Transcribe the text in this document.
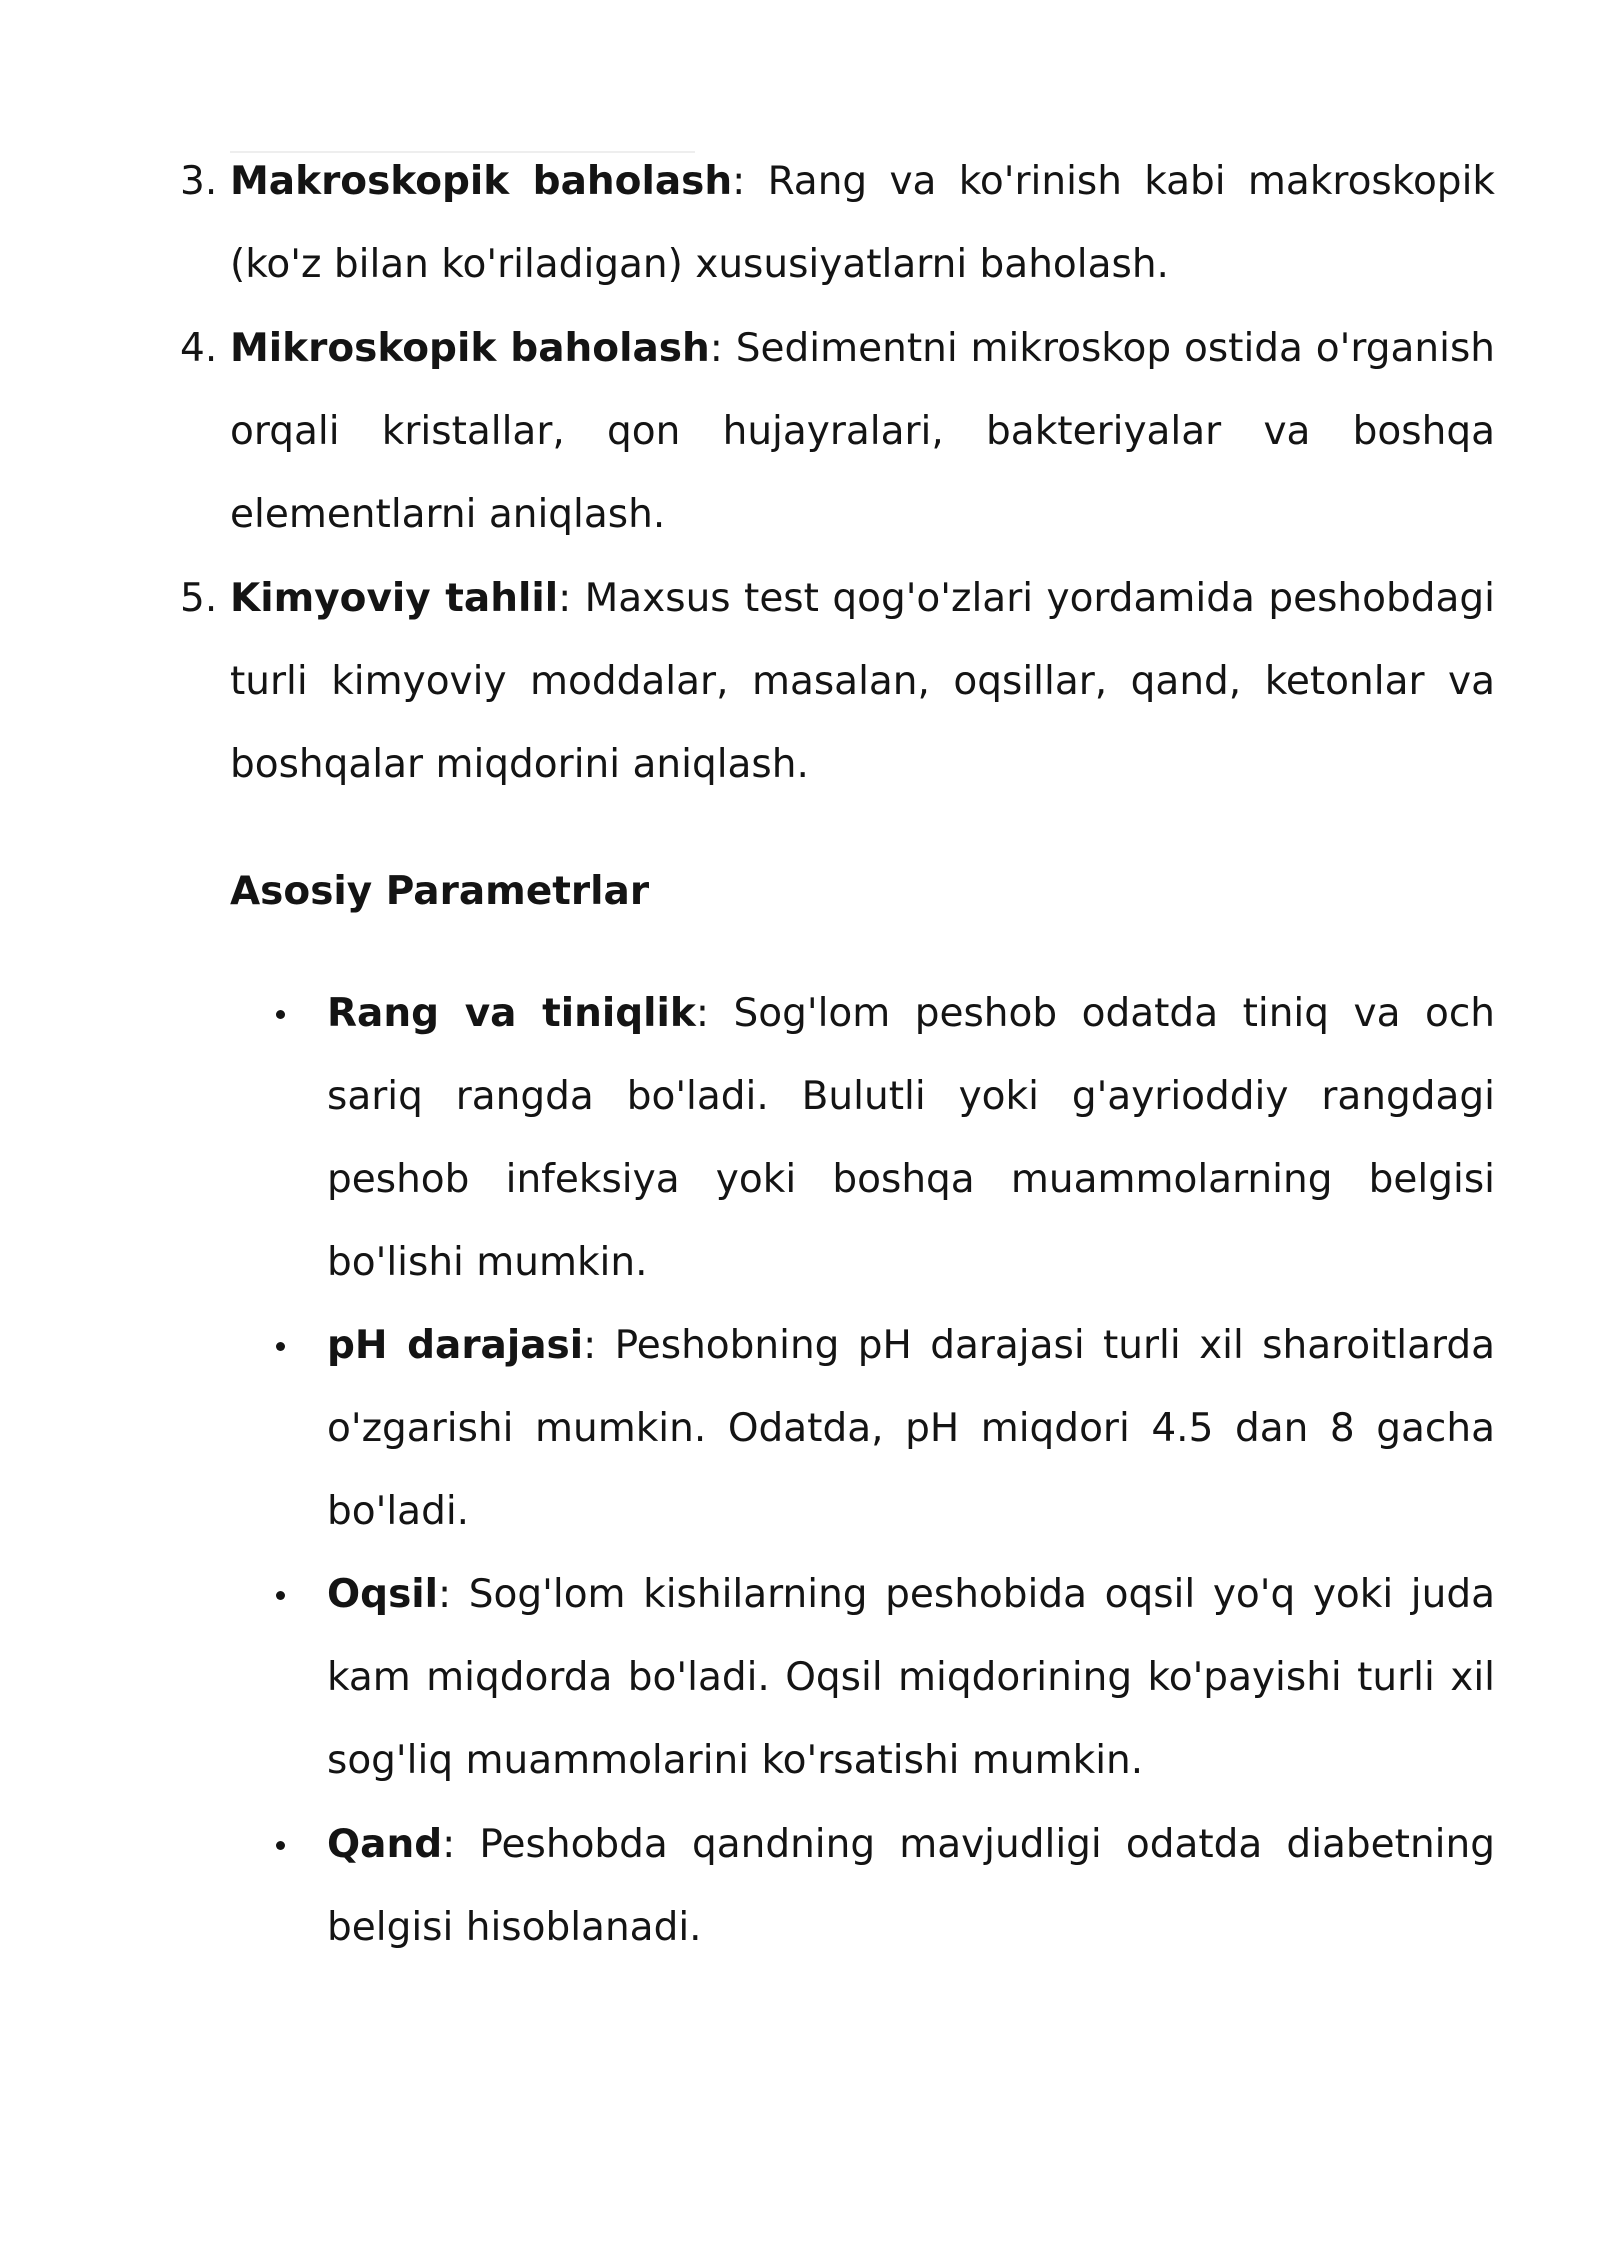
3. Makroskopik baholash: Rang va ko'rinish kabi makroskopik (ko'z bilan ko'riladigan) xususiyatlarni baholash.

4. Mikroskopik baholash: Sedimentni mikroskop ostida o'rganish orqali kristallar, qon hujayralari, bakteriyalar va boshqa elementlarni aniqlash.

5. Kimyoviy tahlil: Maxsus test qog'o'zlari yordamida peshobdagi turli kimyoviy moddalar, masalan, oqsillar, qand, ketonlar va boshqalar miqdorini aniqlash.

Asosiy Parametrlar

Rang va tiniqlik: Sog'lom peshob odatda tiniq va och sariq rangda bo'ladi. Bulutli yoki g'ayrioddiy rangdagi peshob infeksiya yoki boshqa muammolarning belgisi bo'lishi mumkin.

pH darajasi: Peshobning pH darajasi turli xil sharoitlarda o'zgarishi mumkin. Odatda, pH miqdori 4.5 dan 8 gacha bo'ladi.

Oqsil: Sog'lom kishilarning peshobida oqsil yo'q yoki juda kam miqdorda bo'ladi. Oqsil miqdorining ko'payishi turli xil sog'liq muammolarini ko'rsatishi mumkin.

Qand: Peshobda qandning mavjudligi odatda diabetning belgisi hisoblanadi.
